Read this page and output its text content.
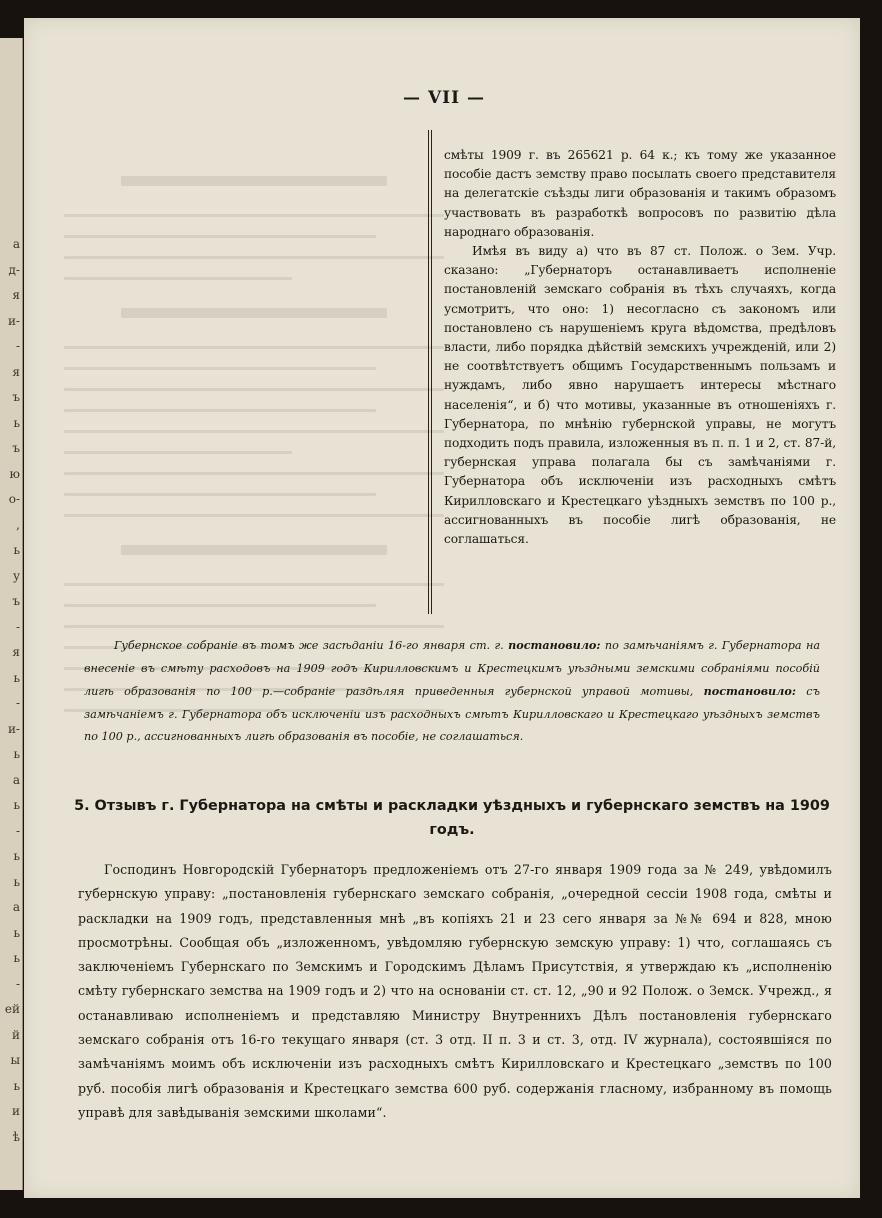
а
д-
я
и-
-
я
ъ
ь
ъ
ю
о-
,
ь
у
ъ
-
я
ь
-
и-
ь
а
ь
-
ь
ь
а
ь
ь
-
ей
й
ы
ь
и
ѣ
— VII —

смѣты 1909 г. въ 265621 р. 64 к.; къ тому же указанное пособіе дастъ земству право посылать своего представителя на делегатскіе съѣзды лиги образованія и такимъ образомъ участвовать въ разработкѣ вопросовъ по развитію дѣла народнаго образованія.

Имѣя въ виду а) что въ 87 ст. Полож. о Зем. Учр. сказано: „Губернаторъ останавливаетъ исполненіе постановленій земскаго собранія въ тѣхъ случаяхъ, когда усмотритъ, что оно: 1) несогласно съ закономъ или постановлено съ нарушеніемъ круга вѣдомства, предѣловъ власти, либо порядка дѣйствій земскихъ учрежденій, или 2) не соотвѣтствуетъ общимъ Государственнымъ пользамъ и нуждамъ, либо явно нарушаетъ интересы мѣстнаго населенія“, и б) что мотивы, указанные въ отношеніяхъ г. Губернатора, по мнѣнію губернской управы, не могутъ подходить подъ правила, изложенныя въ п. п. 1 и 2, ст. 87-й, губернская управа полагала бы съ замѣчаніями г. Губернатора объ исключеніи изъ расходныхъ смѣтъ Кирилловскаго и Крестецкаго уѣздныхъ земствъ по 100 р., ассигнованныхъ въ пособіе лигѣ образованія, не соглашаться.

Губернское собраніе въ томъ же засѣданіи 16-го января ст. г. постановило: по замѣчаніямъ г. Губернатора на внесеніе въ смѣту расходовъ на 1909 годъ Кирилловскимъ и Крестецкимъ уѣздными земскими собраніями пособій лигѣ образованія по 100 р.—собраніе раздѣляя приведенныя губернской управой мотивы, постановило: съ замѣчаніемъ г. Губернатора объ исключеніи изъ расходныхъ смѣтъ Кирилловскаго и Крестецкаго уѣздныхъ земствъ по 100 р., ассигнованныхъ лигѣ образованія въ пособіе, не соглашаться.
5. Отзывъ г. Губернатора на смѣты и раскладки уѣздныхъ и губернскаго земствъ на 1909 годъ.

Господинъ Новгородскій Губернаторъ предложеніемъ отъ 27-го января 1909 года за № 249, увѣдомилъ губернскую управу: „постановленія губернскаго земскаго собранія, „очередной сессіи 1908 года, смѣты и раскладки на 1909 годъ, представленныя мнѣ „въ копіяхъ 21 и 23 сего января за №№ 694 и 828, мною просмотрѣны. Сообщая объ „изложенномъ, увѣдомляю губернскую земскую управу: 1) что, соглашаясь съ заключеніемъ Губернскаго по Земскимъ и Городскимъ Дѣламъ Присутствія, я утверждаю къ „исполненію смѣту губернскаго земства на 1909 годъ и 2) что на основаніи ст. ст. 12, „90 и 92 Полож. о Земск. Учрежд., я останавливаю исполненіемъ и представляю Министру Внутреннихъ Дѣлъ постановленія губернскаго земскаго собранія отъ 16-го текущаго января (ст. 3 отд. II п. 3 и ст. 3, отд. IV журнала), состоявшіяся по замѣчаніямъ моимъ объ исключеніи изъ расходныхъ смѣтъ Кирилловскаго и Крестецкаго „земствъ по 100 руб. пособія лигѣ образованія и Крестецкаго земства 600 руб. содержанія гласному, избранному въ помощь управѣ для завѣдыванія земскими школами“.
